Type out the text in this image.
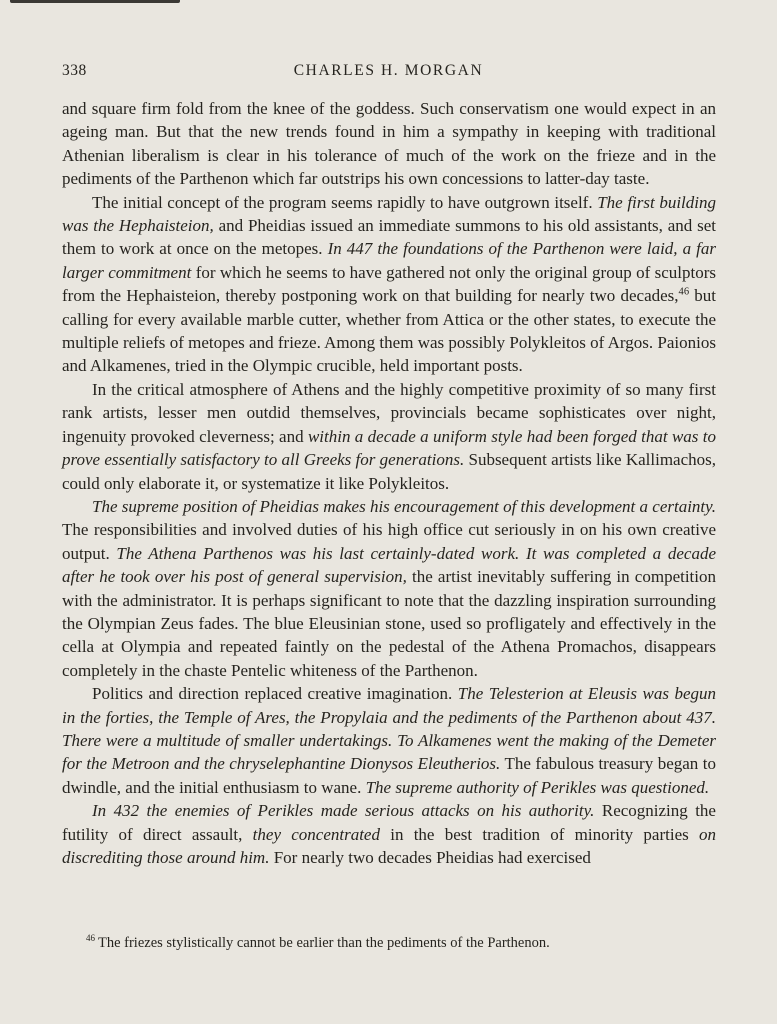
338	CHARLES H. MORGAN

and square firm fold from the knee of the goddess. Such conservatism one would expect in an ageing man. But that the new trends found in him a sympathy in keeping with traditional Athenian liberalism is clear in his tolerance of much of the work on the frieze and in the pediments of the Parthenon which far outstrips his own concessions to latter-day taste.

The initial concept of the program seems rapidly to have outgrown itself. The first building was the Hephaisteion, and Pheidias issued an immediate summons to his old assistants, and set them to work at once on the metopes. In 447 the foundations of the Parthenon were laid, a far larger commitment for which he seems to have gathered not only the original group of sculptors from the Hephaisteion, thereby postponing work on that building for nearly two decades,$^{46}$ but calling for every available marble cutter, whether from Attica or the other states, to execute the multiple reliefs of metopes and frieze. Among them was possibly Polykleitos of Argos. Paionios and Alkamenes, tried in the Olympic crucible, held important posts.

In the critical atmosphere of Athens and the highly competitive proximity of so many first rank artists, lesser men outdid themselves, provincials became sophisticates over night, ingenuity provoked cleverness; and within a decade a uniform style had been forged that was to prove essentially satisfactory to all Greeks for generations. Subsequent artists like Kallimachos, could only elaborate it, or systematize it like Polykleitos.

The supreme position of Pheidias makes his encouragement of this development a certainty. The responsibilities and involved duties of his high office cut seriously in on his own creative output. The Athena Parthenos was his last certainly-dated work. It was completed a decade after he took over his post of general supervision, the artist inevitably suffering in competition with the administrator. It is perhaps significant to note that the dazzling inspiration surrounding the Olympian Zeus fades. The blue Eleusinian stone, used so profligately and effectively in the cella at Olympia and repeated faintly on the pedestal of the Athena Promachos, disappears completely in the chaste Pentelic whiteness of the Parthenon.

Politics and direction replaced creative imagination. The Telesterion at Eleusis was begun in the forties, the Temple of Ares, the Propylaia and the pediments of the Parthenon about 437. There were a multitude of smaller undertakings. To Alkamenes went the making of the Demeter for the Metroon and the chryselephantine Dionysos Eleutherios. The fabulous treasury began to dwindle, and the initial enthusiasm to wane. The supreme authority of Perikles was questioned.

In 432 the enemies of Perikles made serious attacks on his authority. Recognizing the futility of direct assault, they concentrated in the best tradition of minority parties on discrediting those around him. For nearly two decades Pheidias had exercised

$^{46}$ The friezes stylistically cannot be earlier than the pediments of the Parthenon.
